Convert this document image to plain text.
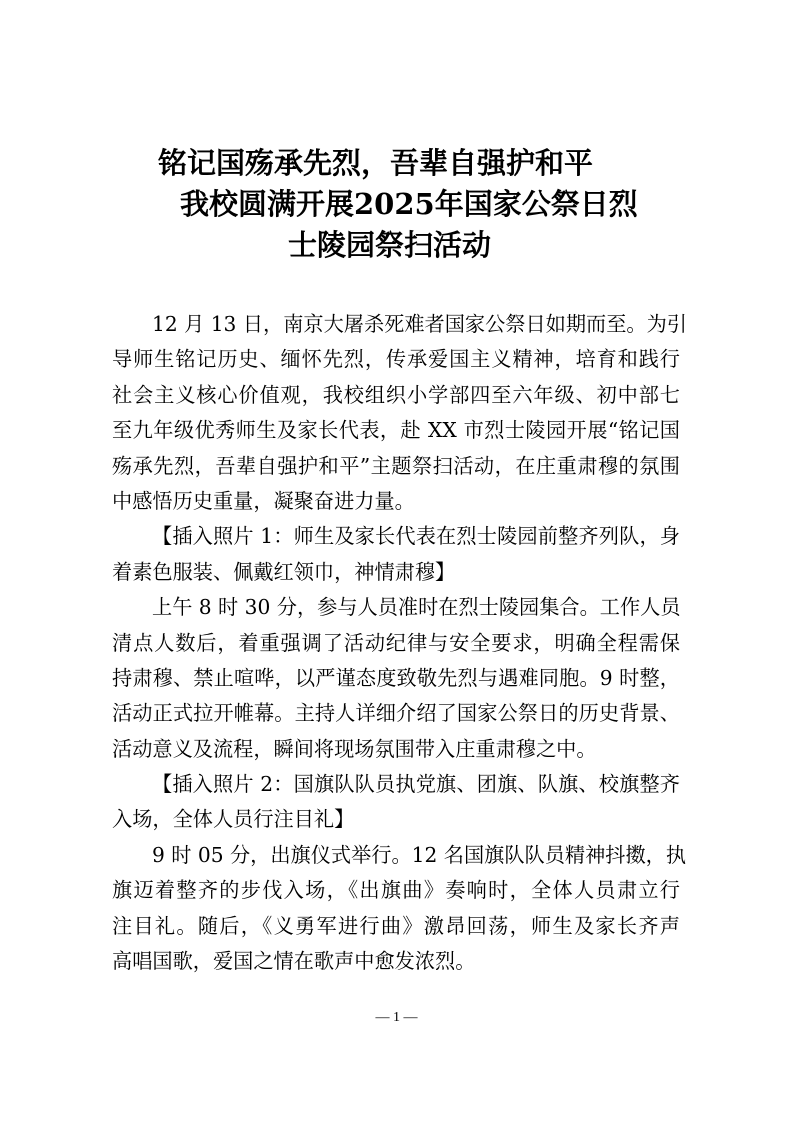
铭记国殇承先烈，吾辈自强护和平
我校圆满开展2025年国家公祭日烈
士陵园祭扫活动
12 月 13 日，南京大屠杀死难者国家公祭日如期而至。为引
导师生铭记历史、缅怀先烈，传承爱国主义精神，培育和践行
社会主义核心价值观，我校组织小学部四至六年级、初中部七
至九年级优秀师生及家长代表，赴 XX 市烈士陵园开展“铭记国
殇承先烈，吾辈自强护和平”主题祭扫活动，在庄重肃穆的氛围
中感悟历史重量，凝聚奋进力量。
【插入照片 1：师生及家长代表在烈士陵园前整齐列队，身
着素色服装、佩戴红领巾，神情肃穆】
上午 8 时 30 分，参与人员准时在烈士陵园集合。工作人员
清点人数后，着重强调了活动纪律与安全要求，明确全程需保
持肃穆、禁止喧哗，以严谨态度致敬先烈与遇难同胞。9 时整，
活动正式拉开帷幕。主持人详细介绍了国家公祭日的历史背景、
活动意义及流程，瞬间将现场氛围带入庄重肃穆之中。
【插入照片 2：国旗队队员执党旗、团旗、队旗、校旗整齐
入场，全体人员行注目礼】
9 时 05 分，出旗仪式举行。12 名国旗队队员精神抖擞，执
旗迈着整齐的步伐入场，《出旗曲》奏响时，全体人员肃立行
注目礼。随后，《义勇军进行曲》激昂回荡，师生及家长齐声
高唱国歌，爱国之情在歌声中愈发浓烈。
— 1 —
